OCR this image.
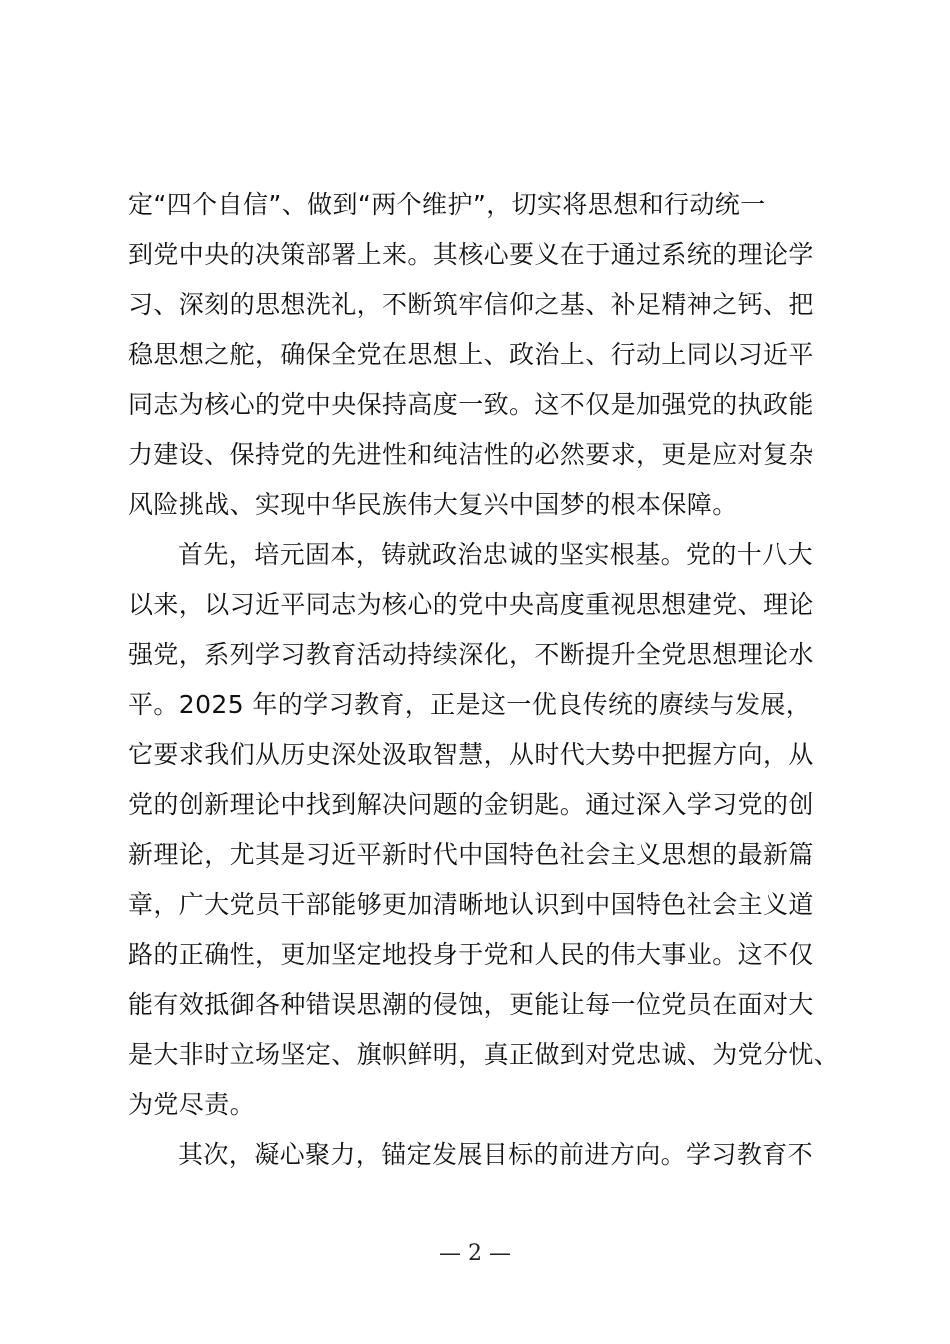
定“四个自信”、做到“两个维护”，切实将思想和行动统一
到党中央的决策部署上来。其核心要义在于通过系统的理论学
习、深刻的思想洗礼，不断筑牢信仰之基、补足精神之钙、把
稳思想之舵，确保全党在思想上、政治上、行动上同以习近平
同志为核心的党中央保持高度一致。这不仅是加强党的执政能
力建设、保持党的先进性和纯洁性的必然要求，更是应对复杂
风险挑战、实现中华民族伟大复兴中国梦的根本保障。
首先，培元固本，铸就政治忠诚的坚实根基。党的十八大
以来，以习近平同志为核心的党中央高度重视思想建党、理论
强党，系列学习教育活动持续深化，不断提升全党思想理论水
平。2025 年的学习教育，正是这一优良传统的赓续与发展，
它要求我们从历史深处汲取智慧，从时代大势中把握方向，从
党的创新理论中找到解决问题的金钥匙。通过深入学习党的创
新理论，尤其是习近平新时代中国特色社会主义思想的最新篇
章，广大党员干部能够更加清晰地认识到中国特色社会主义道
路的正确性，更加坚定地投身于党和人民的伟大事业。这不仅
能有效抵御各种错误思潮的侵蚀，更能让每一位党员在面对大
是大非时立场坚定、旗帜鲜明，真正做到对党忠诚、为党分忧、
为党尽责。
其次，凝心聚力，锚定发展目标的前进方向。学习教育不
— 2 —
